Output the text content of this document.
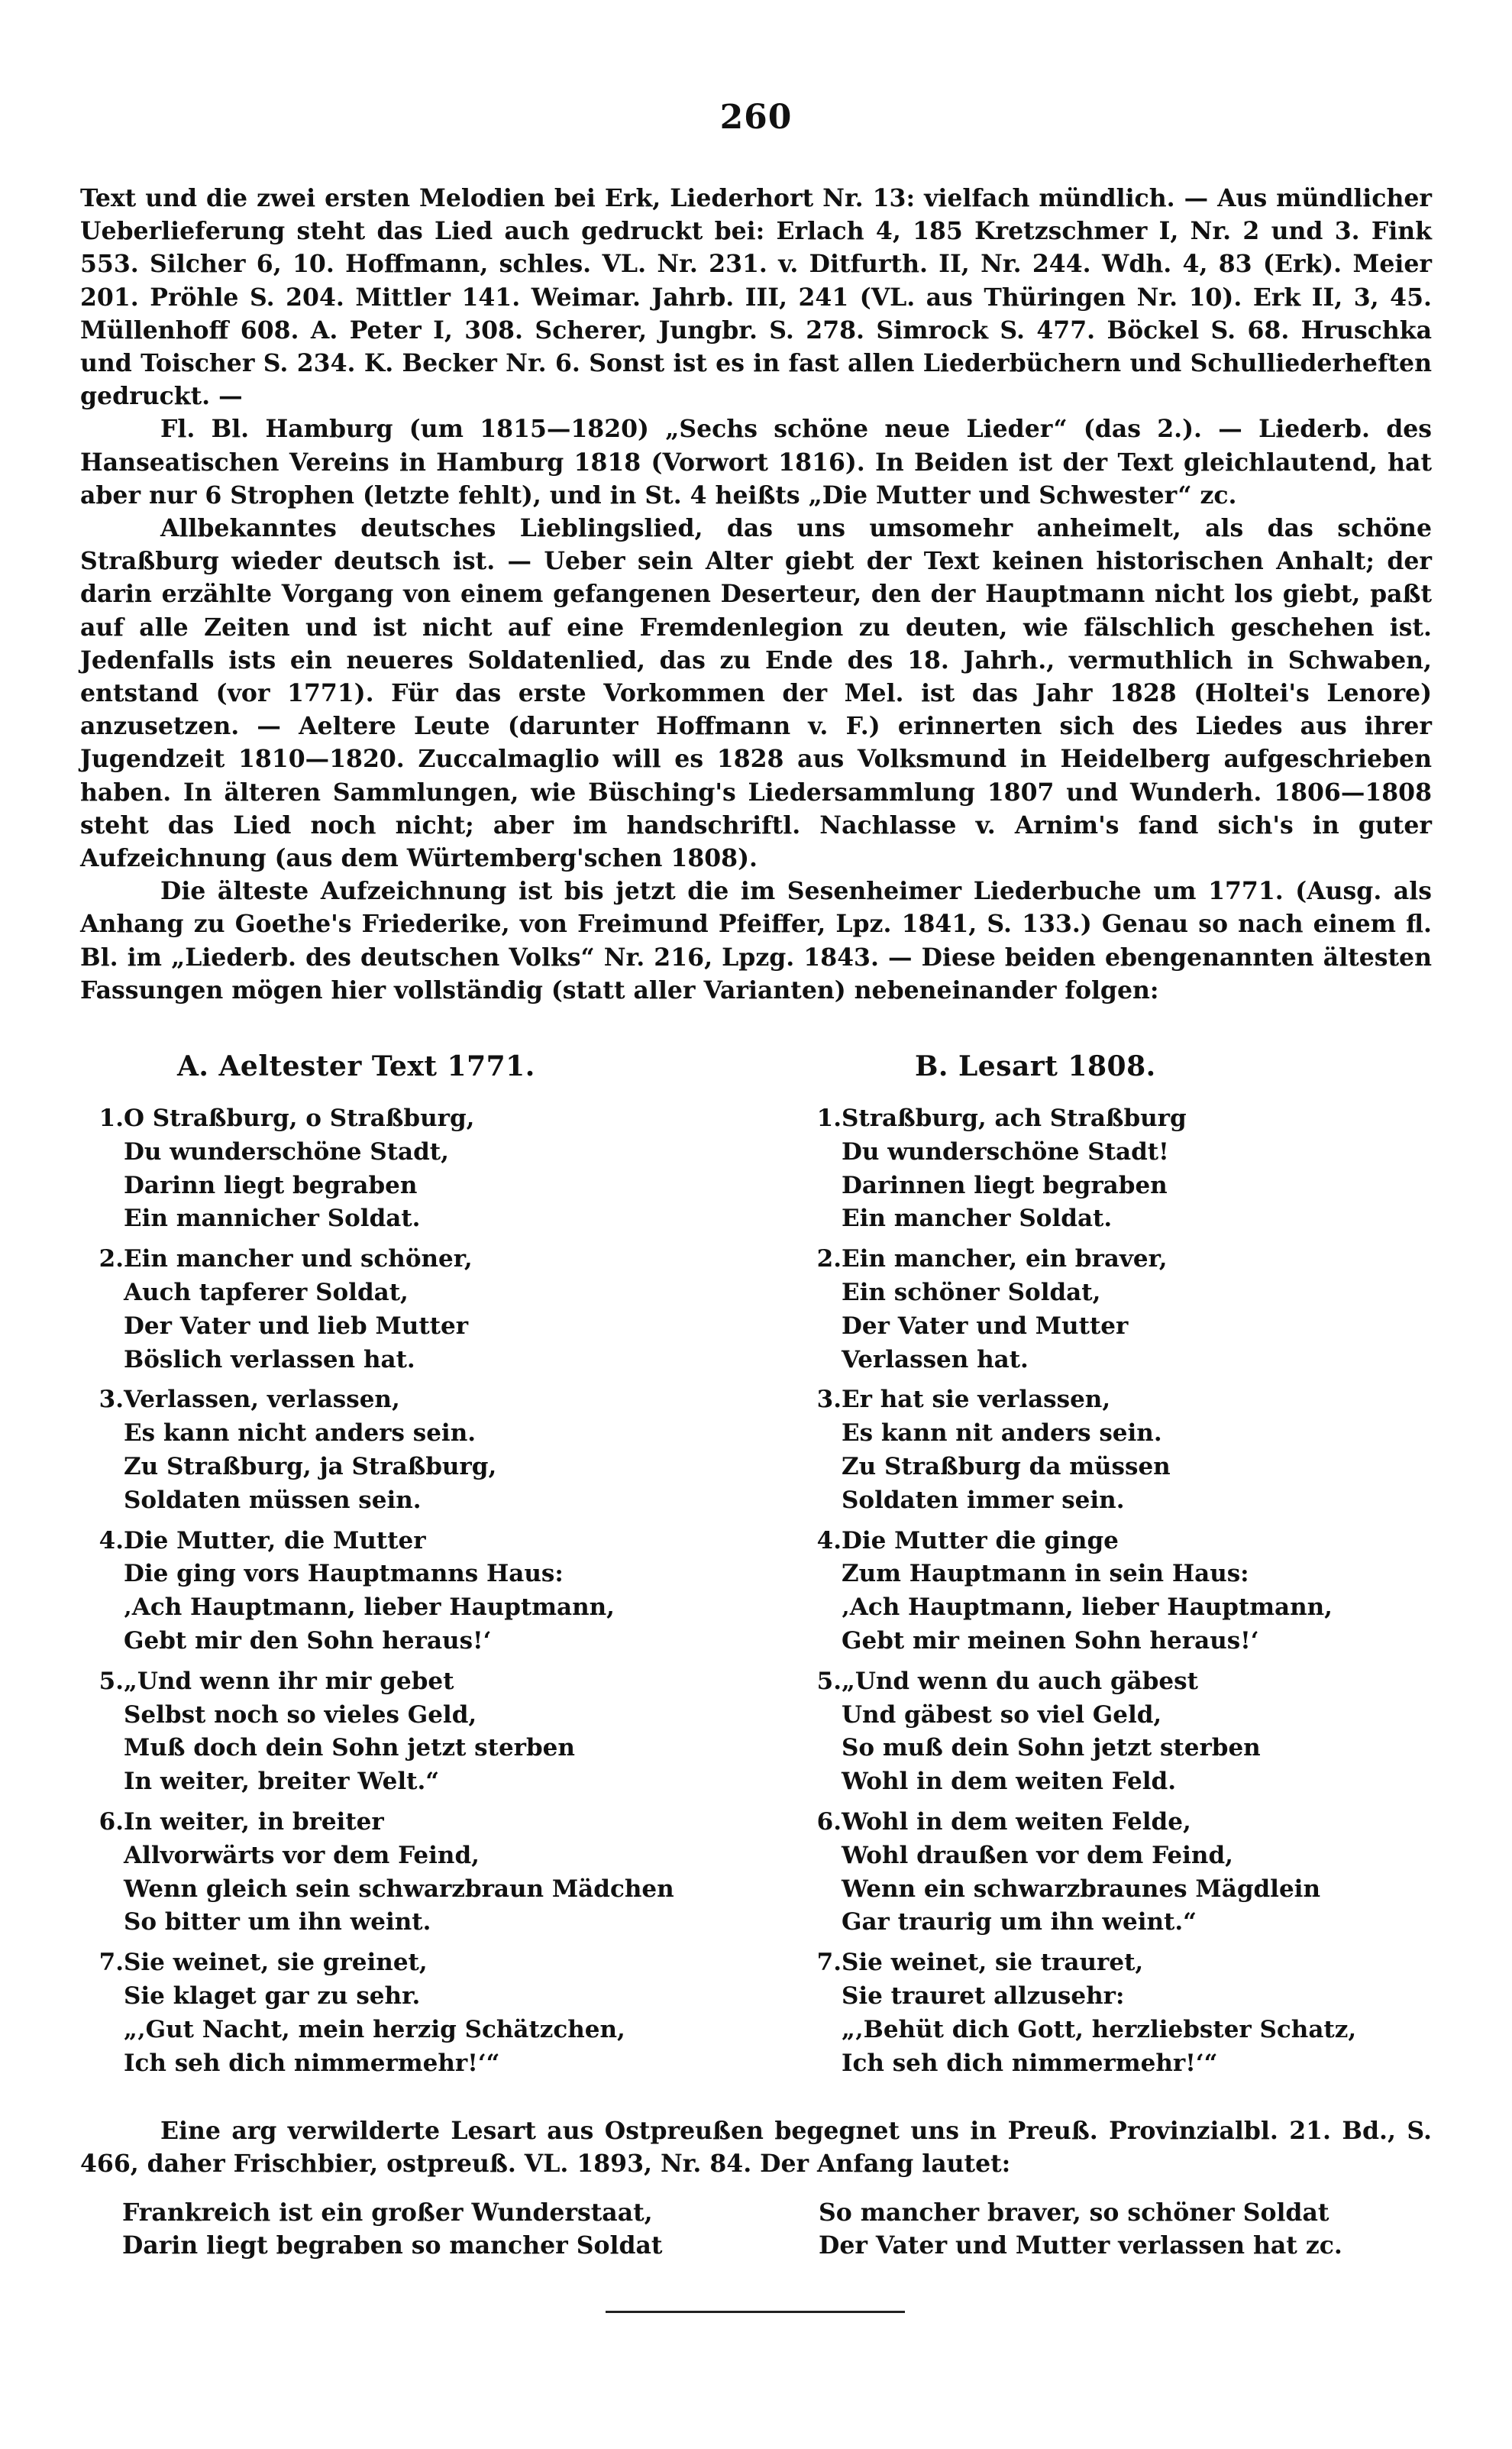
260

Text und die zwei ersten Melodien bei Erk, Liederhort Nr. 13: vielfach mündlich. — Aus mündlicher Ueberlieferung steht das Lied auch gedruckt bei: Erlach 4, 185 Kretzschmer I, Nr. 2 und 3. Fink 553. Silcher 6, 10. Hoffmann, schles. VL. Nr. 231. v. Ditfurth. II, Nr. 244. Wdh. 4, 83 (Erk). Meier 201. Pröhle S. 204. Mittler 141. Weimar. Jahrb. III, 241 (VL. aus Thüringen Nr. 10). Erk II, 3, 45. Müllenhoff 608. A. Peter I, 308. Scherer, Jungbr. S. 278. Simrock S. 477. Böckel S. 68. Hruschka und Toischer S. 234. K. Becker Nr. 6. Sonst ist es in fast allen Liederbüchern und Schulliederheften gedruckt. —

Fl. Bl. Hamburg (um 1815—1820) „Sechs schöne neue Lieder“ (das 2.). — Liederb. des Hanseatischen Vereins in Hamburg 1818 (Vorwort 1816). In Beiden ist der Text gleichlautend, hat aber nur 6 Strophen (letzte fehlt), und in St. 4 heißts „Die Mutter und Schwester“ zc.

Allbekanntes deutsches Lieblingslied, das uns umsomehr anheimelt, als das schöne Straßburg wieder deutsch ist. — Ueber sein Alter giebt der Text keinen historischen Anhalt; der darin erzählte Vorgang von einem gefangenen Deserteur, den der Hauptmann nicht los giebt, paßt auf alle Zeiten und ist nicht auf eine Fremdenlegion zu deuten, wie fälschlich geschehen ist. Jedenfalls ists ein neueres Soldatenlied, das zu Ende des 18. Jahrh., vermuthlich in Schwaben, entstand (vor 1771). Für das erste Vorkommen der Mel. ist das Jahr 1828 (Holtei's Lenore) anzusetzen. — Aeltere Leute (darunter Hoffmann v. F.) erinnerten sich des Liedes aus ihrer Jugendzeit 1810—1820. Zuccalmaglio will es 1828 aus Volksmund in Heidelberg aufgeschrieben haben. In älteren Sammlungen, wie Büsching's Liedersammlung 1807 und Wunderh. 1806—1808 steht das Lied noch nicht; aber im handschriftl. Nachlasse v. Arnim's fand sich's in guter Aufzeichnung (aus dem Würtemberg'schen 1808).

Die älteste Aufzeichnung ist bis jetzt die im Sesenheimer Liederbuche um 1771. (Ausg. als Anhang zu Goethe's Friederike, von Freimund Pfeiffer, Lpz. 1841, S. 133.) Genau so nach einem fl. Bl. im „Liederb. des deutschen Volks“ Nr. 216, Lpzg. 1843. — Diese beiden ebengenannten ältesten Fassungen mögen hier vollständig (statt aller Varianten) nebeneinander folgen:

A. Aeltester Text 1771.
1.O Straßburg, o Straßburg,
Du wunderschöne Stadt,
Darinn liegt begraben
Ein mannicher Soldat.
2.Ein mancher und schöner,
Auch tapferer Soldat,
Der Vater und lieb Mutter
Böslich verlassen hat.
3.Verlassen, verlassen,
Es kann nicht anders sein.
Zu Straßburg, ja Straßburg,
Soldaten müssen sein.
4.Die Mutter, die Mutter
Die ging vors Hauptmanns Haus:
‚Ach Hauptmann, lieber Hauptmann,
Gebt mir den Sohn heraus!‘
5.„Und wenn ihr mir gebet
Selbst noch so vieles Geld,
Muß doch dein Sohn jetzt sterben
In weiter, breiter Welt.“
6.In weiter, in breiter
Allvorwärts vor dem Feind,
Wenn gleich sein schwarzbraun Mädchen
So bitter um ihn weint.
7.Sie weinet, sie greinet,
Sie klaget gar zu sehr.
„‚Gut Nacht, mein herzig Schätzchen,
Ich seh dich nimmermehr!‘“
B. Lesart 1808.
1.Straßburg, ach Straßburg
Du wunderschöne Stadt!
Darinnen liegt begraben
Ein mancher Soldat.
2.Ein mancher, ein braver,
Ein schöner Soldat,
Der Vater und Mutter
Verlassen hat.
3.Er hat sie verlassen,
Es kann nit anders sein.
Zu Straßburg da müssen
Soldaten immer sein.
4.Die Mutter die ginge
Zum Hauptmann in sein Haus:
‚Ach Hauptmann, lieber Hauptmann,
Gebt mir meinen Sohn heraus!‘
5.„Und wenn du auch gäbest
Und gäbest so viel Geld,
So muß dein Sohn jetzt sterben
Wohl in dem weiten Feld.
6.Wohl in dem weiten Felde,
Wohl draußen vor dem Feind,
Wenn ein schwarzbraunes Mägdlein
Gar traurig um ihn weint.“
7.Sie weinet, sie trauret,
Sie trauret allzusehr:
„‚Behüt dich Gott, herzliebster Schatz,
Ich seh dich nimmermehr!‘“

Eine arg verwilderte Lesart aus Ostpreußen begegnet uns in Preuß. Provinzialbl. 21. Bd., S. 466, daher Frischbier, ostpreuß. VL. 1893, Nr. 84. Der Anfang lautet:

Frankreich ist ein großer Wunderstaat,
Darin liegt begraben so mancher Soldat
So mancher braver, so schöner Soldat
Der Vater und Mutter verlassen hat zc.
